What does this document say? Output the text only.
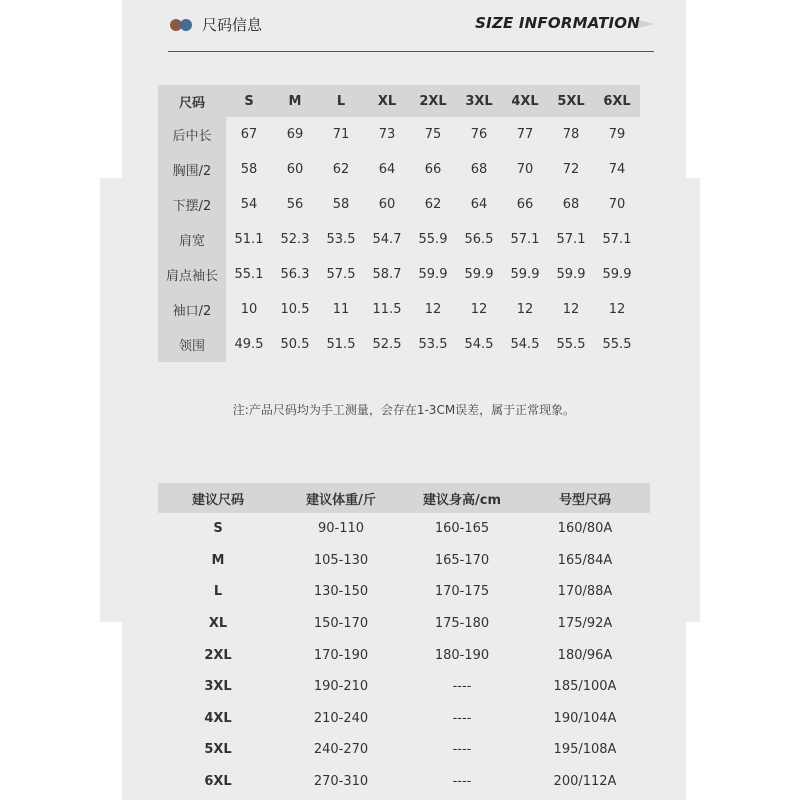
尺码信息	SIZE INFORMATION
尺码	S	M	L	XL	2XL	3XL	4XL	5XL	6XL
后中长	67	69	71	73	75	76	77	78	79
胸围/2	58	60	62	64	66	68	70	72	74
下摆/2	54	56	58	60	62	64	66	68	70
肩宽	51.1	52.3	53.5	54.7	55.9	56.5	57.1	57.1	57.1
肩点袖长	55.1	56.3	57.5	58.7	59.9	59.9	59.9	59.9	59.9
袖口/2	10	10.5	11	11.5	12	12	12	12	12
领围	49.5	50.5	51.5	52.5	53.5	54.5	54.5	55.5	55.5
注:产品尺码均为手工测量，会存在1-3CM误差，属于正常现象。
建议尺码	建议体重/斤	建议身高/cm	号型尺码
S	90-110	160-165	160/80A
M	105-130	165-170	165/84A
L	130-150	170-175	170/88A
XL	150-170	175-180	175/92A
2XL	170-190	180-190	180/96A
3XL	190-210	----	185/100A
4XL	210-240	----	190/104A
5XL	240-270	----	195/108A
6XL	270-310	----	200/112A
